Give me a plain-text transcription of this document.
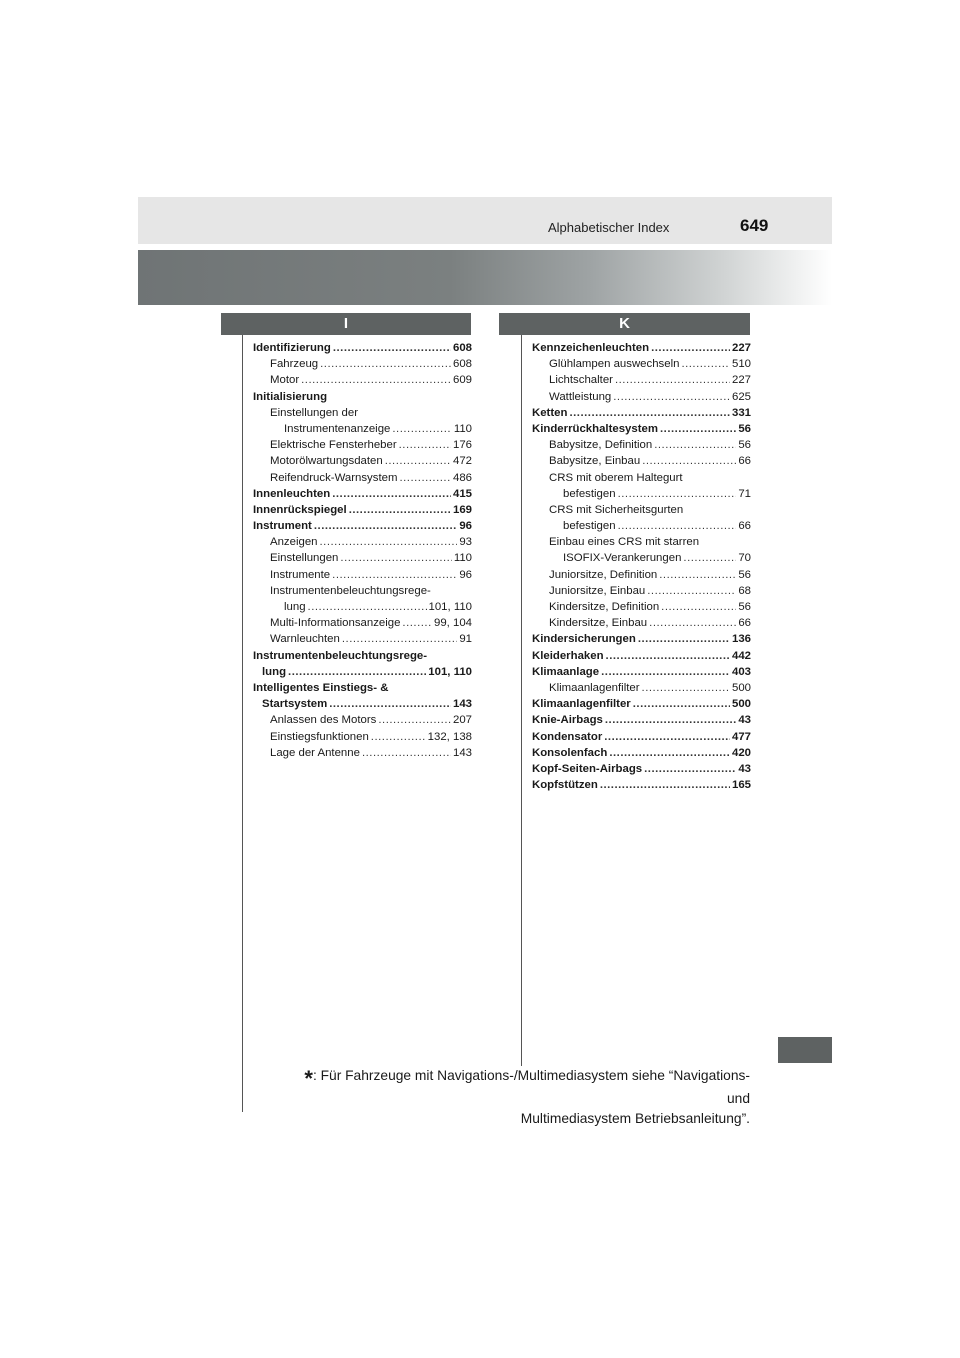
Alphabetischer Index	649
I	K
Identifizierung .....	608
Fahrzeug .....	608
Motor .....	609
Initialisierung
Einstellungen der
Instrumentenanzeige .....	110
Elektrische Fensterheber .....	176
Motorölwartungsdaten .....	472
Reifendruck-Warnsystem .....	486
Innenleuchten .....	415
Innenrückspiegel .....	169
Instrument .....	96
Anzeigen .....	93
Einstellungen .....	110
Instrumente .....	96
Instrumentenbeleuchtungsrege-
lung .....	101, 110
Multi-Informationsanzeige .....	99, 104
Warnleuchten .....	91
Instrumentenbeleuchtungsrege-
lung .....	101, 110
Intelligentes Einstiegs- &
Startsystem .....	143
Anlassen des Motors .....	207
Einstiegsfunktionen .....	132, 138
Lage der Antenne .....	143
Kennzeichenleuchten .....	227
Glühlampen auswechseln .....	510
Lichtschalter .....	227
Wattleistung .....	625
Ketten .....	331
Kinderrückhaltesystem .....	56
Babysitze, Definition .....	56
Babysitze, Einbau .....	66
CRS mit oberem Haltegurt
befestigen .....	71
CRS mit Sicherheitsgurten
befestigen .....	66
Einbau eines CRS mit starren
ISOFIX-Verankerungen .....	70
Juniorsitze, Definition .....	56
Juniorsitze, Einbau .....	68
Kindersitze, Definition .....	56
Kindersitze, Einbau .....	66
Kindersicherungen .....	136
Kleiderhaken .....	442
Klimaanlage .....	403
Klimaanlagenfilter .....	500
Klimaanlagenfilter .....	500
Knie-Airbags .....	43
Kondensator .....	477
Konsolenfach .....	420
Kopf-Seiten-Airbags .....	43
Kopfstützen .....	165
*: Für Fahrzeuge mit Navigations-/Multimediasystem siehe “Navigations- und
Multimediasystem Betriebsanleitung”.
